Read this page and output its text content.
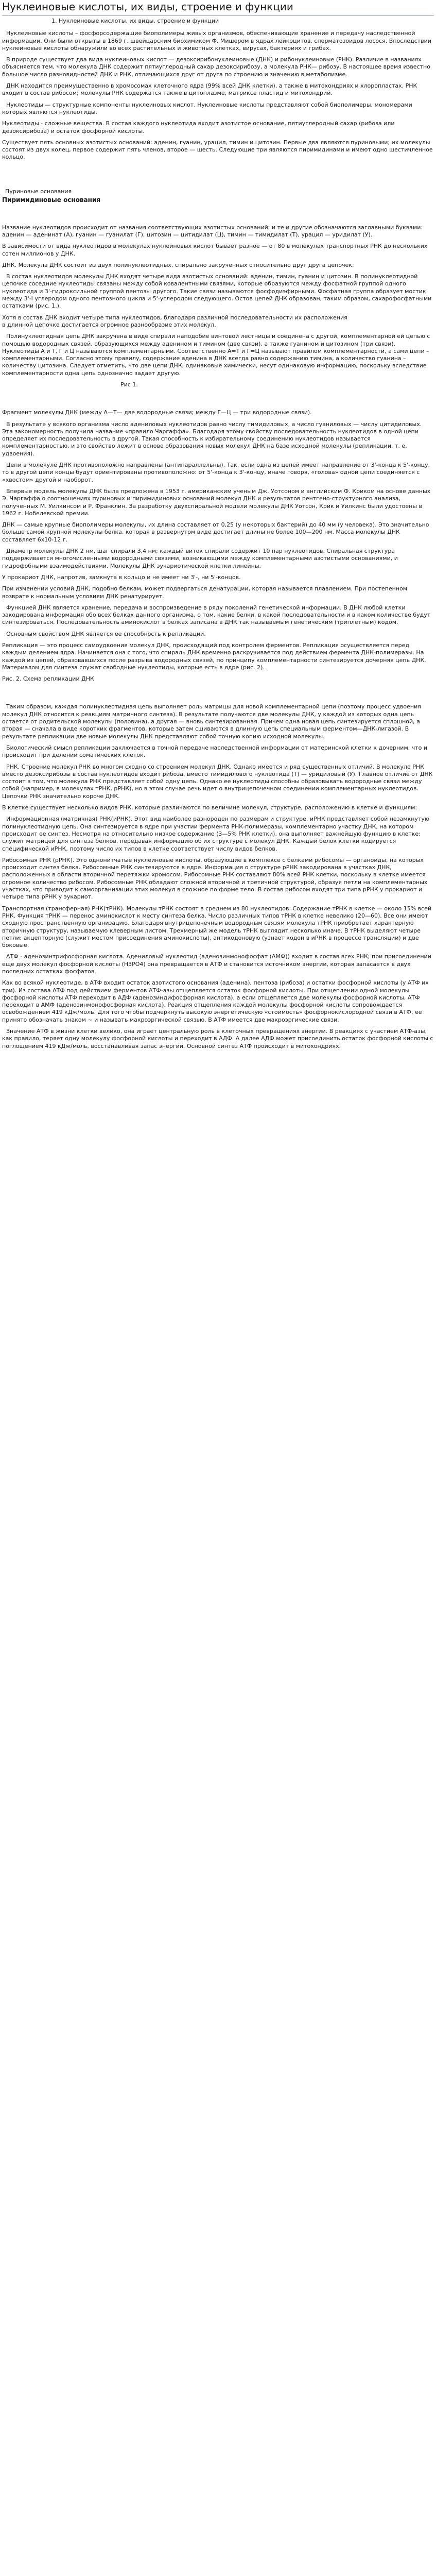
Нуклеиновые кислоты, их виды, строение и функции
1. Нуклеиновые кислоты, их виды, строение и функции

Нуклеиновые кислоты – фосфорсодержащие биополимеры живых организмов, обеспечивающие хранение и передачу наследственной информации. Они были открыты в 1869 г. швейцарским биохимиком Ф. Мишером в ядрах лейкоцитов, сперматозоидов лосося. Впоследствии нуклеиновые кислоты обнаружили во всех растительных и животных клетках, вирусах, бактериях и грибах.

В природе существует два вида нуклеиновых кислот — дезоксирибонуклеиновые (ДНК) и рибонуклеиновые (РНК). Различие в названиях объясняется тем, что молекула ДНК содержит пятиуглеродный сахар дезоксирибозу, а молекула РНК— рибозу. В настоящее время известно большое число разновидностей ДНК и РНК, отличающихся друг от друга по строению и значению в метаболизме.

ДНК находится преимущественно в хромосомах клеточного ядра (99% всей ДНК клетки), а также в митохондриях и хлоропластах. РНК входит в состав рибосом; молекулы РНК содержатся также в цитоплазме, матриксе пластид и митохондрий.

Нуклеотиды — структурные компоненты нуклеиновых кислот. Нуклеиновые кислоты представляют собой биополимеры, мономерами которых являются нуклеотиды.

Нуклеотиды - сложные вещества. В состав каждого нуклеотида входит азотистое основание, пятиуглеродный сахар (рибоза или дезоксирибоза) и остаток фосфорной кислоты.

Существует пять основных азотистых оснований: аденин, гуанин, урацил, тимин и цитозин. Первые два являются пуриновыми; их молекулы состоят из двух колец, первое содержит пять членов, второе — шесть. Следующие три являются пиримидинами и имеют одно шестичленное кольцо.

Пуриновые основания

Пиримидиновые основания

Название нуклеотидов происходит от названия соответствующих азотистых оснований; и те и другие обозначаются заглавными буквами: аденин — аденинат (А), гуанин — гуанилат (Г), цитозин — цитидилат (Ц), тимин — тимидилат (Т), урацил — уридилат (У).

В зависимости от вида нуклеотидов в молекулах нуклеиновых кислот бывает разное — от 80 в молекулах транспортных РНК до нескольких сотен миллионов у ДНК.

ДНК. Молекула ДНК состоит из двух полинуклеотидных, спирально закрученных относительно друг друга цепочек.

В состав нуклеотидов молекулы ДНК входят четыре вида азотистых оснований: аденин, тимин, гуанин и цитозин. В полинуклеотидной цепочке соседние нуклеотиды связаны между собой ковалентными связями, которые образуются между фосфатной группой одного нуклеотида и 3'-гидроксильной группой пентозы другого. Такие связи называются фосфодиэфирными. Фосфатная группа образует мостик между 3'-I углеродом одного пентозного цикла и 5'-углеродом следующего. Остов цепей ДНК образован, таким образом, сахарофосфатными остатками (рис. 1.).

Хотя в состав ДНК входит четыре типа нуклеотидов, благодаря различной последовательности их расположения

в длинной цепочке достигается огромное разнообразие этих молекул.

Полинуклеотидная цепь ДНК закручена в виде спирали наподобие винтовой лестницы и соединена с другой, комплементарной ей цепью с помощью водородных связей, образующихся между аденином и тимином (две связи), а также гуанином и цитозином (три связи). Нуклеотиды А и Т, Г и Ц называются комплементарными. Соответственно А=Т и Г=Ц называют правилом комплементарности, а сами цепи – комплементарными. Согласно этому правилу, содержание аденина в ДНК всегда равно содержанию тимина, а количество гуанина – количеству цитозина. Следует отметить, что две цепи ДНК, одинаковые химически, несут одинаковую информацию, поскольку вследствие комплементарности одна цепь однозначно задает другую.

Рис 1.

Фрагмент молекулы ДНК (между А—Т— две водородные связи; между Г—Ц — три водородные связи).

В результате у всякого организма число адениловых нуклеотидов равно числу тимидиловых, а число гуаниловых — числу цитидиловых. Эта закономерность получила название «правило Чаргаффа». Благодаря этому свойству последовательность нуклеотидов в одной цепи определяет их последовательность в другой. Такая способность к избирательному соединению нуклеотидов называется комплементарностью, и это свойство лежит в основе образования новых молекул ДНК на базе исходной молекулы (репликации, т. е. удвоения).

Цепи в молекуле ДНК противоположно направлены (антипараллельны). Так, если одна из цепей имеет направление от 3'-конца к 5'-концу, то в другой цепи концы будут ориентированы противоположно: от 5'-конца к 3'-концу, иначе говоря, «голова» одной цепи соединяется с «хвостом» другой и наоборот.

Впервые модель молекулы ДНК была предложена в 1953 г. американским ученым Дж. Уотсоном и английским Ф. Криком на основе данных Э. Чаргаффа о соотношениях пуриновых и пиримидиновых оснований молекул ДНК и результатов рентгено-структурного анализа, полученных М. Уилкинсом и Р. Франклин. За разработку двухспиральной модели молекулы ДНК Уотсон, Крик и Уилкинс были удостоены в 1962 г. Нобелевской премии.

ДНК — самые крупные биополимеры молекулы, их длина составляет от 0,25 (у некоторых бактерий) до 40 мм (у человека). Это значительно больше самой крупной молекулы белка, которая в развернутом виде достигает длины не более 100—200 нм. Масса молекулы ДНК составляет 6x10-12 г.

Диаметр молекулы ДНК 2 нм, шаг спирали 3,4 нм; каждый виток спирали содержит 10 пар нуклеотидов. Спиральная структура поддерживается многочисленными водородными связями, возникающими между комплементарными азотистыми основаниями, и гидрофобными взаимодействиями. Молекулы ДНК эукариотической клетки линейны.

У прокариот ДНК, напротив, замкнута в кольцо и не имеет ни 3'-, ни 5'-концов.

При изменении условий ДНК, подобно белкам, может подвергаться денатурации, которая называется плавлением. При постепенном возврате к нормальным условиям ДНК ренатурирует.

Функцией ДНК является хранение, передача и воспроизведение в ряду поколений генетической информации. В ДНК любой клетки закодирована информация обо всех белках данного организма, о том, какие белки, в какой последовательности и в каком количестве будут синтезироваться. Последовательность аминокислот в белках записана в ДНК так называемым генетическим (триплетным) кодом.

Основным свойством ДНК является ее способность к репликации.

Репликация — это процесс самоудвоения молекул ДНК, происходящий под контролем ферментов. Репликация осуществляется перед каждым делением ядра. Начинается она с того, что спираль ДНК временно раскручивается под действием фермента ДНК-полимеразы. На каждой из цепей, образовавшихся после разрыва водородных связей, по принципу комплементарности синтезируется дочерняя цепь ДНК. Материалом для синтеза служат свободные нуклеотиды, которые есть в ядре (рис. 2).

Рис. 2. Схема репликации ДНК

Таким образом, каждая полинуклеотидная цепь выполняет роль матрицы для новой комплементарной цепи (поэтому процесс удвоения молекул ДНК относится к реакциям матричного синтеза). В результате получаются две молекулы ДНК, у каждой из которых одна цепь остается от родительской молекулы (половина), а другая — вновь синтезированная. Причем одна новая цепь синтезируется сплошной, а вторая — сначала в виде коротких фрагментов, которые затем сшиваются в длинную цепь специальным ферментом—ДНК-лигазой. В результате репликации две новые молекулы ДНК представляют собой точную копию исходной молекулы.

Биологический смысл репликации заключается в точной передаче наследственной информации от материнской клетки к дочерним, что и происходит при делении соматических клеток.

РНК. Строение молекул РНК во многом сходно со строением молекул ДНК. Однако имеется и ряд существенных отличий. В молекуле РНК вместо дезоксирибозы в состав нуклеотидов входит рибоза, вместо тимидилового нуклеотида (Т) — уридиловый (У). Главное отличие от ДНК состоит в том, что молекула РНК представляет собой одну цепь. Однако ее нуклеотиды способны образовывать водородные связи между собой (например, в молекулах тРНК, рРНК), но в этом случае речь идет о внутрицепочечном соединении комплементарных нуклеотидов. Цепочки РНК значительно короче ДНК.

В клетке существует несколько видов РНК, которые различаются по величине молекул, структуре, расположению в клетке и функциям:

Информационная (матричная) РНК(иРНК). Этот вид наиболее разнороден по размерам и структуре. иРНК представляет собой незамкнутую полинуклеотидную цепь. Она синтезируется в ядре при участии фермента РНК-полимеразы, комплементарно участку ДНК, на котором происходит ее синтез. Несмотря на относительно низкое содержание (3—5% РНК клетки), она выполняет важнейшую функцию в клетке: служит матрицей для синтеза белков, передавая информацию об их структуре с молекул ДНК. Каждый белок клетки кодируется специфической иРНК, поэтому число их типов в клетке соответствует числу видов белков.

Рибосомная РНК (рРНК). Это однонитчатые нуклеиновые кислоты, образующие в комплексе с белками рибосомы — органоиды, на которых происходит синтез белка. Рибосомные РНК синтезируются в ядре. Информация о структуре рРНК закодирована в участках ДНК, расположенных в области вторичной перетяжки хромосом. Рибосомные РНК составляют 80% всей РНК клетки, поскольку в клетке имеется огромное количество рибосом. Рибосомные РНК обладают сложной вторичной и третичной структурой, образуя петли на комплементарных участках, что приводит к самоорганизации этих молекул в сложное по форме тело. В состав рибосом входят три типа рРНК у прокариот и четыре типа рРНК у эукариот.

Транспортная (трансферная) РНК(тРНК). Молекулы тРНК состоят в среднем из 80 нуклеотидов. Содержание тРНК в клетке — около 15% всей РНК. Функция тРНК — перенос аминокислот к месту синтеза белка. Число различных типов тРНК в клетке невелико (20—60). Все они имеют сходную пространственную организацию. Благодаря внутрицепочечным водородным связям молекула тРНК приобретает характерную вторичную структуру, называемую клеверным листом. Трехмерный же модель тРНК выглядит несколько иначе. В тРНК выделяют четыре петли: акцепторную (служит местом присоединения аминокислоты), антикодоновую (узнает кодон в иРНК в процессе трансляции) и две боковые.

АТФ - аденозинтрифосфорная кислота. Адениловый нуклеотид (аденозинмонофосфат (АМФ)) входит в состав всех РНК; при присоединении еще двух молекул фосфорной кислоты (Н3РО4) она превращается в АТФ и становится источником энергии, которая запасается в двух последних остатках фосфатов.

Как во всякой нуклеотиде, в АТФ входит остаток азотистого основания (аденина), пентоза (рибоза) и остатки фосфорной кислоты (у АТФ их три). Из состава АТФ под действием ферментов АТФ-азы отщепляется остаток фосфорной кислоты. При отщеплении одной молекулы фосфорной кислоты АТФ переходит в АДФ (аденозиндифосфорная кислота), а если отщепляется две молекулы фосфорной кислоты, АТФ переходит в АМФ (аденозинмонофосфорная кислота). Реакция отщепления каждой молекулы фосфорной кислоты сопровождается освобождением 419 кДж/моль. Для того чтобы подчеркнуть высокую энергетическую «стоимость» фосфорнокислородной связи в АТФ, ее принято обозначать знаком ~ и называть макроэргической связью. В АТФ имеется две макроэргические связи.

Значение АТФ в жизни клетки велико, она играет центральную роль в клеточных превращениях энергии. В реакциях с участием АТФ-азы, как правило, теряет одну молекулу фосфорной кислоты и переходит в АДФ. А далее АДФ может присоединить остаток фосфорной кислоты с поглощением 419 кДж/моль, восстанавливая запас энергии. Основной синтез АТФ происходит в митохондриях.
